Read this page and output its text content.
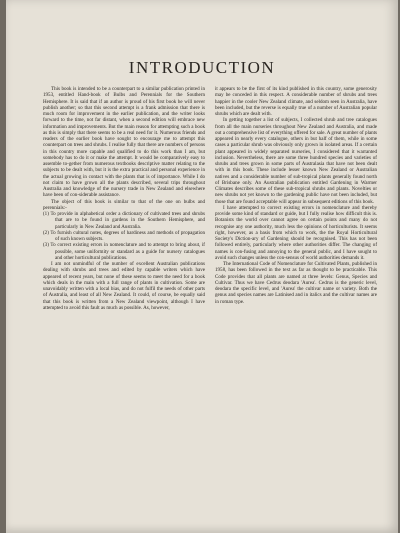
INTRODUCTION

This book is intended to be a counterpart to a similar publication printed in 1953, entitled Hand-book of Bulbs and Perennials for the Southern Hemisphere. It is said that if an author is proud of his first book he will never publish another; so that this second attempt is a frank admission that there is much room for improvement in the earlier publication, and the writer looks forward to the time, not far distant, when a second edition will embrace new information and improvements. But the main reason for attempting such a book as this is simply that there seems to be a real need for it. Numerous friends and readers of the earlier book have sought to encourage me to attempt this counterpart on trees and shrubs. I realise fully that there are numbers of persons in this country more capable and qualified to do this work than I am, but somebody has to do it or make the attempt. It would be comparatively easy to assemble to-gether from numerous textbooks descriptive matter relating to the subjects to be dealt with, but it is the extra practical and personal experience in the actual growing in contact with the plants that is of importance. While I do not claim to have grown all the plants described, several trips throughout Australia and knowledge of the nursery trade in New Zealand and elsewhere have been of con-siderable assistance.

The object of this book is similar to that of the one on bulbs and perennials:-

(1) To provide in alphabetical order a dictionary of cultivated trees and shrubs that are to be found in gardens in the Southern Hemisphere, and particularly in New Zealand and Australia.

(2) To furnish cultural notes, degrees of hardiness and methods of propagation of such known subjects.

(3) To correct existing errors in nomenclature and to attempt to bring about, if possible, some uniformity or standard as a guide for nursery catalogues and other horticultural publications.

I am not unmindful of the number of excellent Australian publications dealing with shrubs and trees and edited by capable writers which have appeared of recent years, but none of these seems to meet the need for a book which deals in the main with a full range of plants in cultivation. Some are unavoidably written with a local bias, and do not fulfil the needs of other parts of Australia, and least of all New Zealand. It could, of course, be equally said that this book is written from a New Zealand viewpoint, although I have attempted to avoid this fault as much as possible. As, however,

it appears to be the first of its kind published in this country, some generosity may be conceded in this respect. A considerable number of shrubs and trees happier in the cooler New Zealand climate, and seldom seen in Australia, have been included, but the reverse is equally true of a number of Australian popular shrubs which are dealt with.

In getting together a list of subjects, I collected shrub and tree catalogues from all the main nurseries throughout New Zealand and Australia, and made out a comprehensive list of everything offered for sale. A great number of plants appeared in nearly every catalogue, others in but half of them, while in some cases a particular shrub was obviously only grown in isolated areas. If a certain plant appeared in widely separated nurseries, I considered that it warranted inclusion. Nevertheless, there are some three hundred species and varieties of shrubs and trees grown in some parts of Australasia that have not been dealt with in this book. These include lesser known New Zealand or Australian natives and a considerable number of sub-tropical plants generally found north of Brisbane only. An Australian publication entitled Gardening in Warmer Climates describes some of these sub-tropical shrubs and plants. Novelties or new shrubs not yet known to the gardening public have not been included, but those that are found acceptable will appear in subsequent editions of this book.

I have attempted to correct existing errors in nomenclature and thereby provide some kind of standard or guide, but I fully realise how difficult this is. Botanists the world over cannot agree on certain points and many do not recognise any one authority, much less the opinions of horticulturists. It seems right, however, as a basis from which to work, the the Royal Horticultural Society's Diction-ary of Gardening should be recognised. This has not been followed entirely, particularly where other authorities differ. The changing of names is con-fusing and annoying to the general public, and I have sought to avoid such changes unless the con-sensus of world authorities demands it.

The International Code of Nomenclature for Cultivated Plants, published in 1958, has been followed in the text as far as thought to be practicable. This Code provides that all plants are named at three levels: Genus, Species and Cultivar. Thus we have Cedrus deodara 'Aurea'. Cedrus is the generic level, deodara the specific level, and 'Aurea' the cultivar name or variety. Both the genus and species names are Latinised and in italics and the cultivar names are in roman type.
